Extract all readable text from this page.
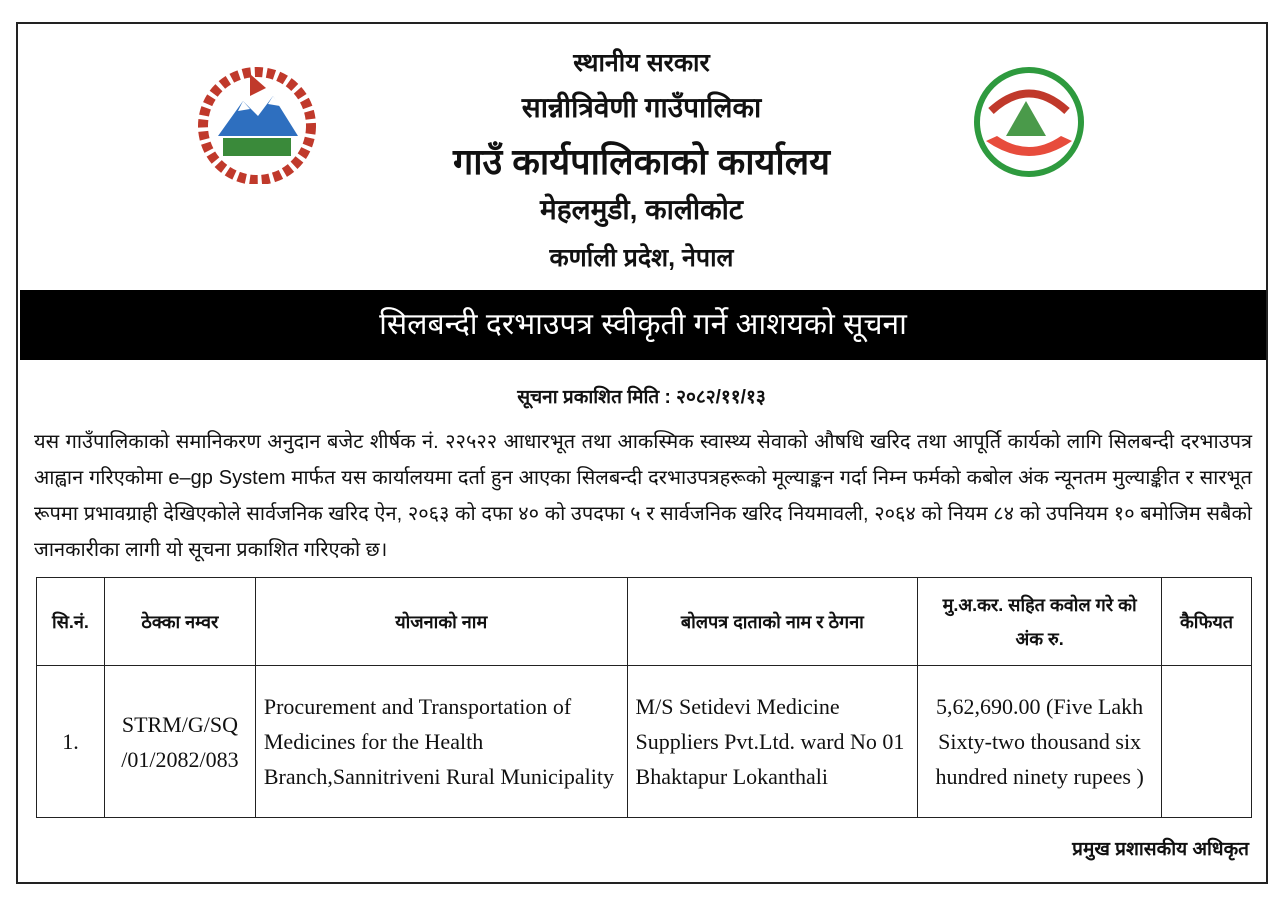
स्थानीय सरकार
सान्नीत्रिवेणी गाउँपालिका
गाउँ कार्यपालिकाको कार्यालय
मेहलमुडी, कालीकोट
कर्णाली प्रदेश, नेपाल
सिलबन्दी दरभाउपत्र स्वीकृती गर्ने आशयको सूचना
सूचना प्रकाशित मिति : २०८२/११/१३
यस गाउँपालिकाको समानिकरण अनुदान बजेट शीर्षक नं. २२५२२ आधारभूत तथा आकस्मिक स्वास्थ्य सेवाको औषधि खरिद तथा आपूर्ति कार्यको लागि सिलबन्दी दरभाउपत्र आह्वान गरिएकोमा e–gp System मार्फत यस कार्यालयमा दर्ता हुन आएका सिलबन्दी दरभाउपत्रहरूको मूल्याङ्कन गर्दा निम्न फर्मको कबोल अंक न्यूनतम मुल्याङ्कीत र सारभूत रूपमा प्रभावग्राही देखिएकोले सार्वजनिक खरिद ऐन, २०६३ को दफा ४० को उपदफा ५ र सार्वजनिक खरिद नियमावली, २०६४ को नियम ८४ को उपनियम १० बमोजिम सबैको जानकारीका लागी यो सूचना प्रकाशित गरिएको छ।
सि.नं.	ठेक्का नम्वर	योजनाको नाम	बोलपत्र दाताको नाम र ठेगना	मु.अ.कर. सहित कवोल गरे को अंक रु.	कैफियत
1.	STRM/G/SQ /01/2082/083	Procurement and Transportation of Medicines for the Health Branch,Sannitriveni Rural Municipality	M/S Setidevi Medicine Suppliers Pvt.Ltd. ward No 01 Bhaktapur Lokanthali	5,62,690.00 (Five Lakh Sixty-two thousand six hundred ninety rupees )	
प्रमुख प्रशासकीय अधिकृत
